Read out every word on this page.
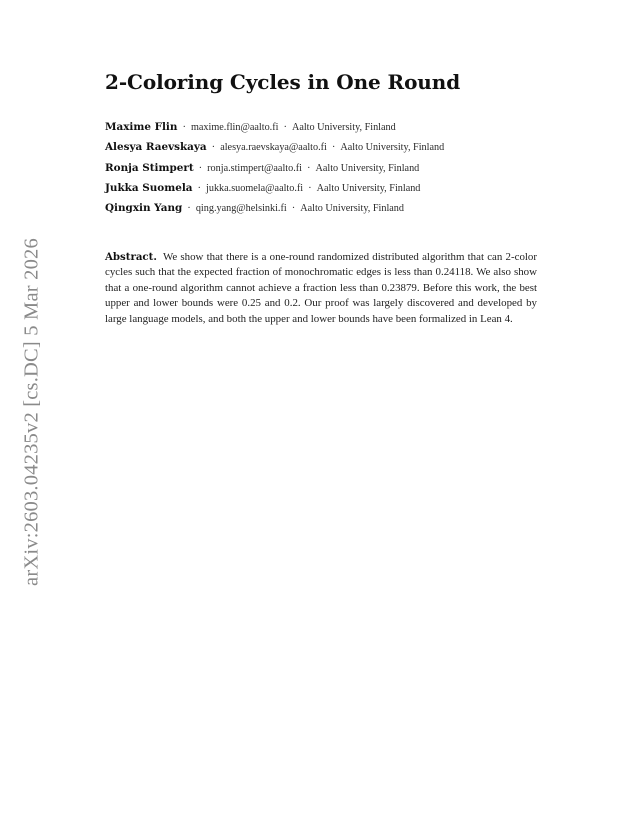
arXiv:2603.04235v2 [cs.DC] 5 Mar 2026
2-Coloring Cycles in One Round
Maxime Flin · maxime.flin@aalto.fi · Aalto University, Finland
Alesya Raevskaya · alesya.raevskaya@aalto.fi · Aalto University, Finland
Ronja Stimpert · ronja.stimpert@aalto.fi · Aalto University, Finland
Jukka Suomela · jukka.suomela@aalto.fi · Aalto University, Finland
Qingxin Yang · qing.yang@helsinki.fi · Aalto University, Finland
Abstract. We show that there is a one-round randomized distributed algorithm that can 2-color cycles such that the expected fraction of monochromatic edges is less than 0.24118. We also show that a one-round algorithm cannot achieve a fraction less than 0.23879. Before this work, the best upper and lower bounds were 0.25 and 0.2. Our proof was largely discovered and developed by large language models, and both the upper and lower bounds have been formalized in Lean 4.
